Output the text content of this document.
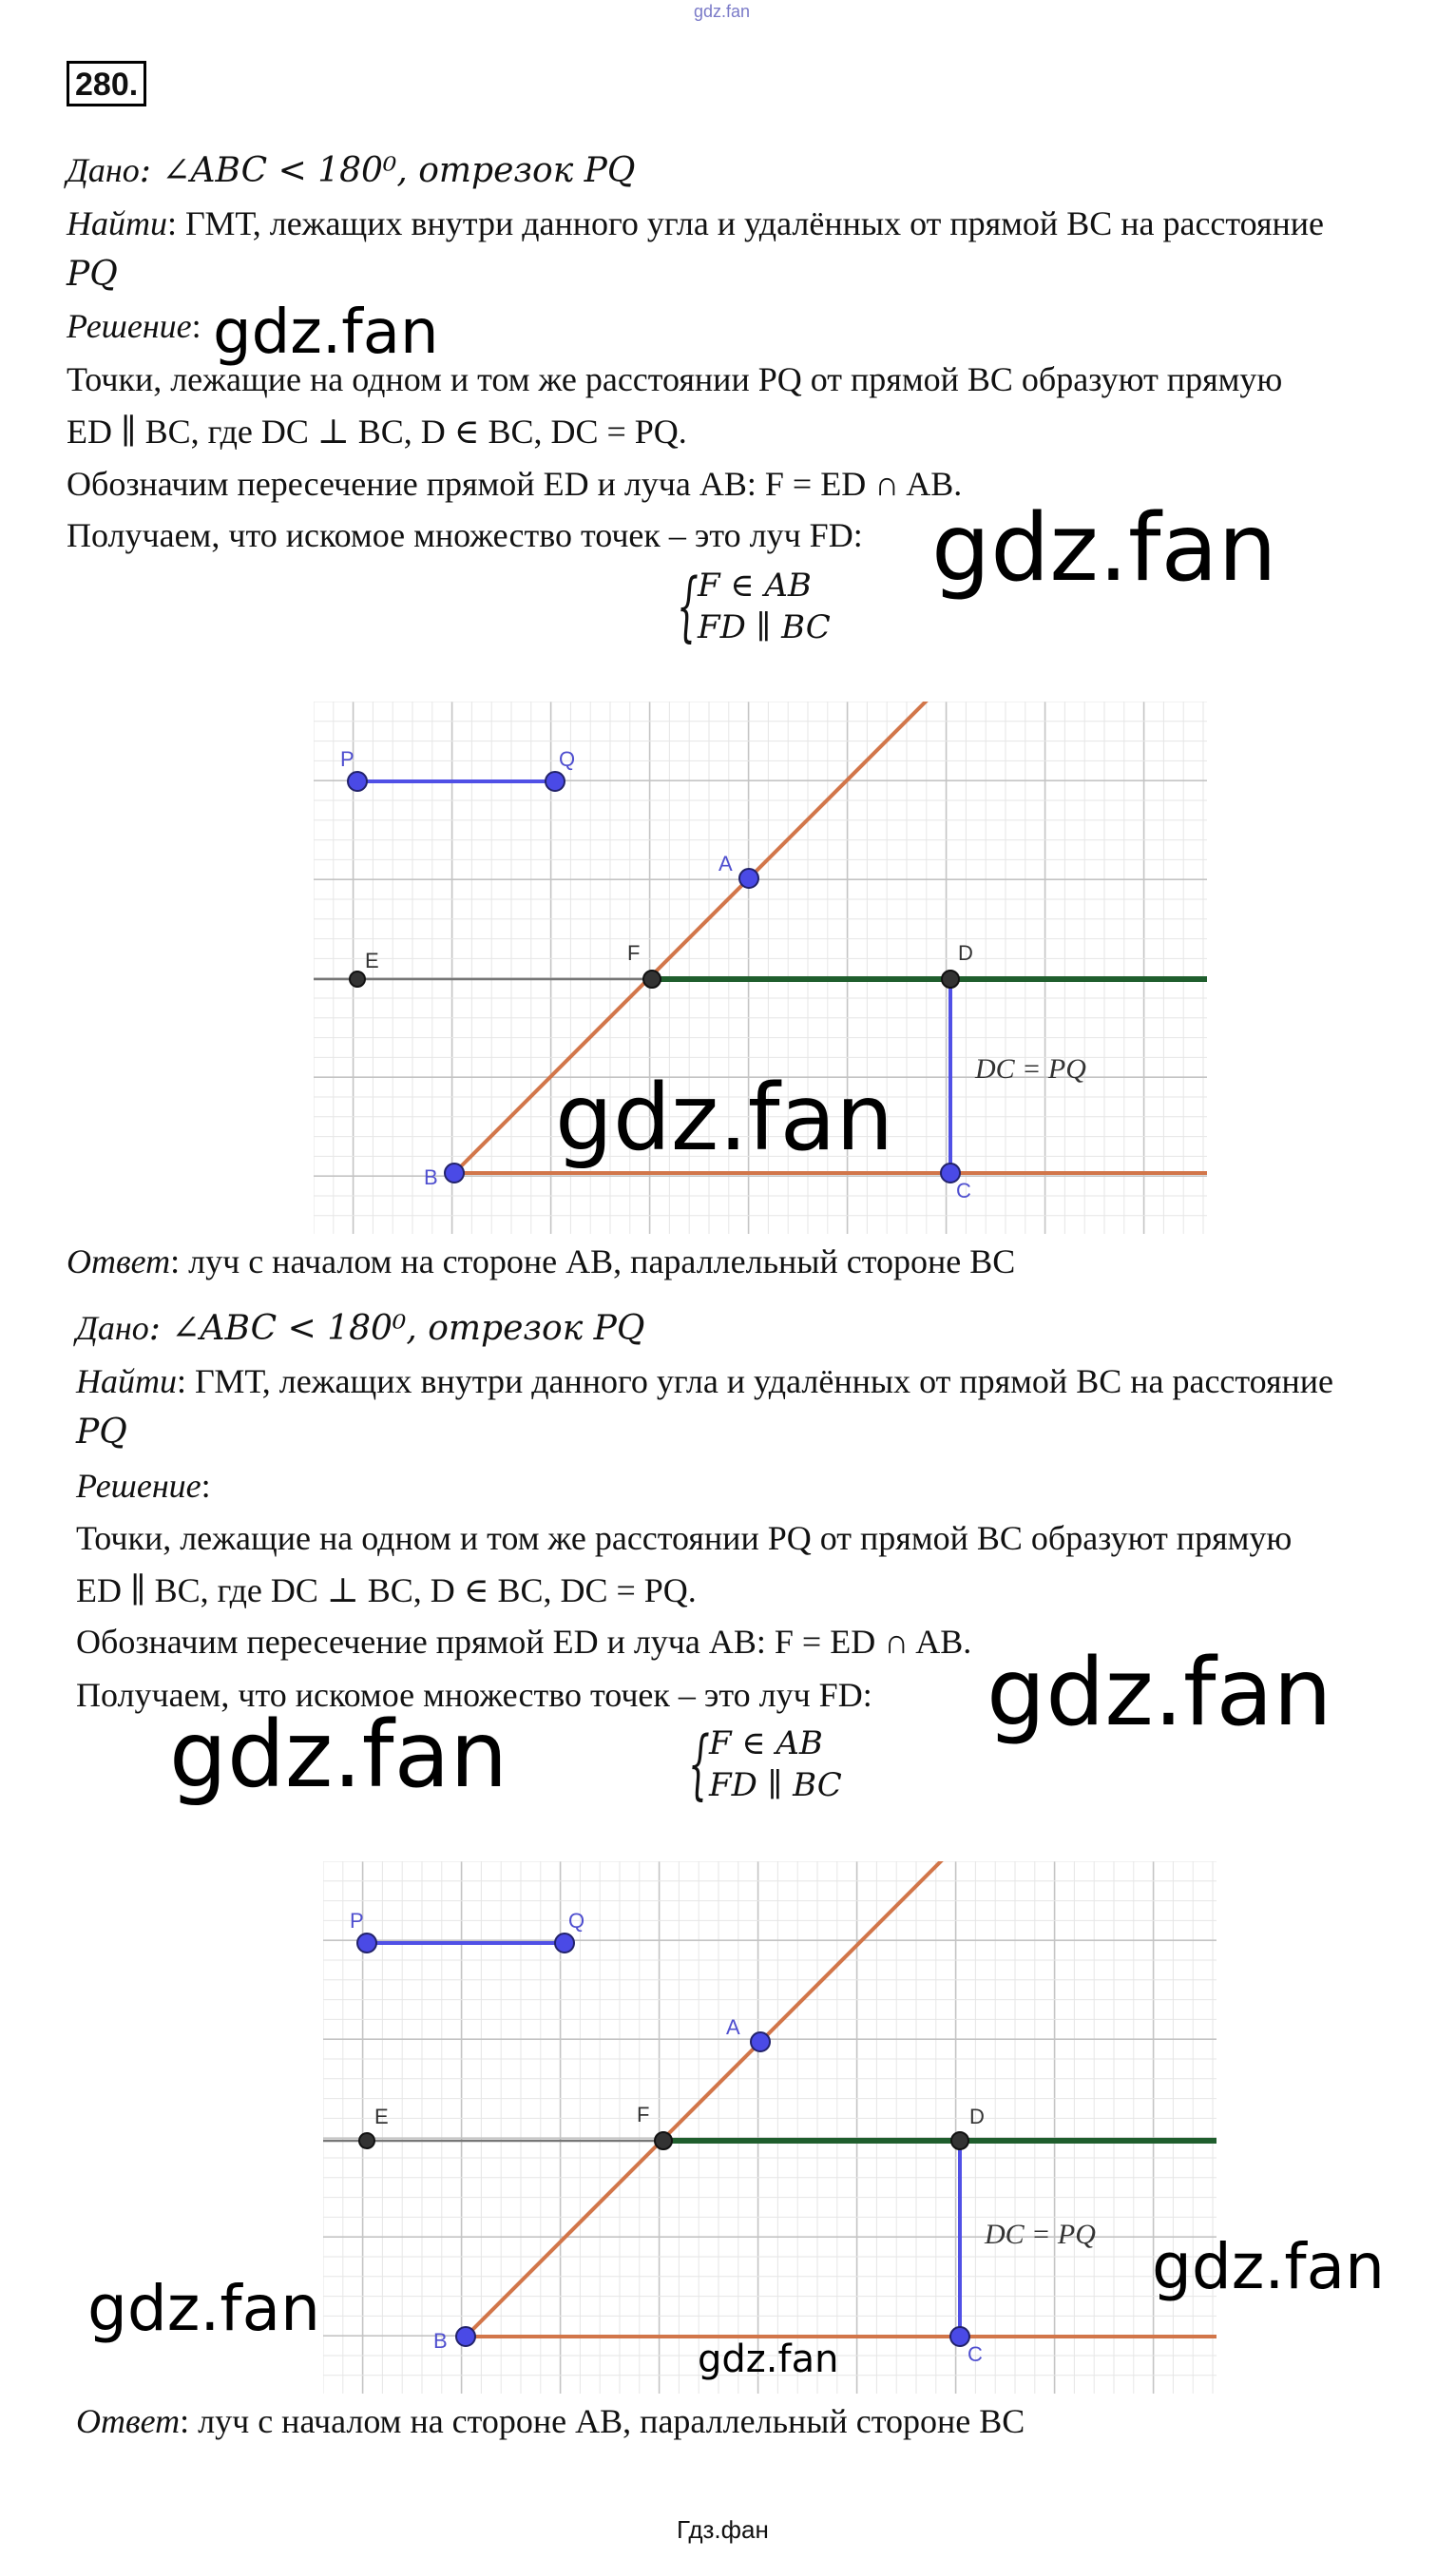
gdz.fan
280.
Дано: ∠ABC < 180⁰, отрезок PQ
Найти: ГМТ, лежащих внутри данного угла и удалённых от прямой BC на расстояние
PQ
Решение:
Точки, лежащие на одном и том же расстоянии PQ от прямой BC образуют прямую
ED ∥ BC, где DC ⊥ BC, D ∈ BC, DC = PQ.
Обозначим пересечение прямой ED и луча AB: F = ED ∩ AB.
Получаем, что искомое множество точек – это луч FD:
{ F ∈ AB
FD ∥ BC
P	Q
A
E	F	D
B
C
DC = PQ
Ответ: луч с началом на стороне AB, параллельный стороне BC
Дано: ∠ABC < 180⁰, отрезок PQ
Найти: ГМТ, лежащих внутри данного угла и удалённых от прямой BC на расстояние
PQ
Решение:
Точки, лежащие на одном и том же расстоянии PQ от прямой BC образуют прямую
ED ∥ BC, где DC ⊥ BC, D ∈ BC, DC = PQ.
Обозначим пересечение прямой ED и луча AB: F = ED ∩ AB.
Получаем, что искомое множество точек – это луч FD:
{ F ∈ AB
FD ∥ BC
P	Q
A
E	F	D
B
C
DC = PQ
Ответ: луч с началом на стороне AB, параллельный стороне BC
gdz.fan
gdz.fan
gdz.fan
gdz.fan
gdz.fan
gdz.fan
gdz.fan
gdz.fan
Гдз.фан
